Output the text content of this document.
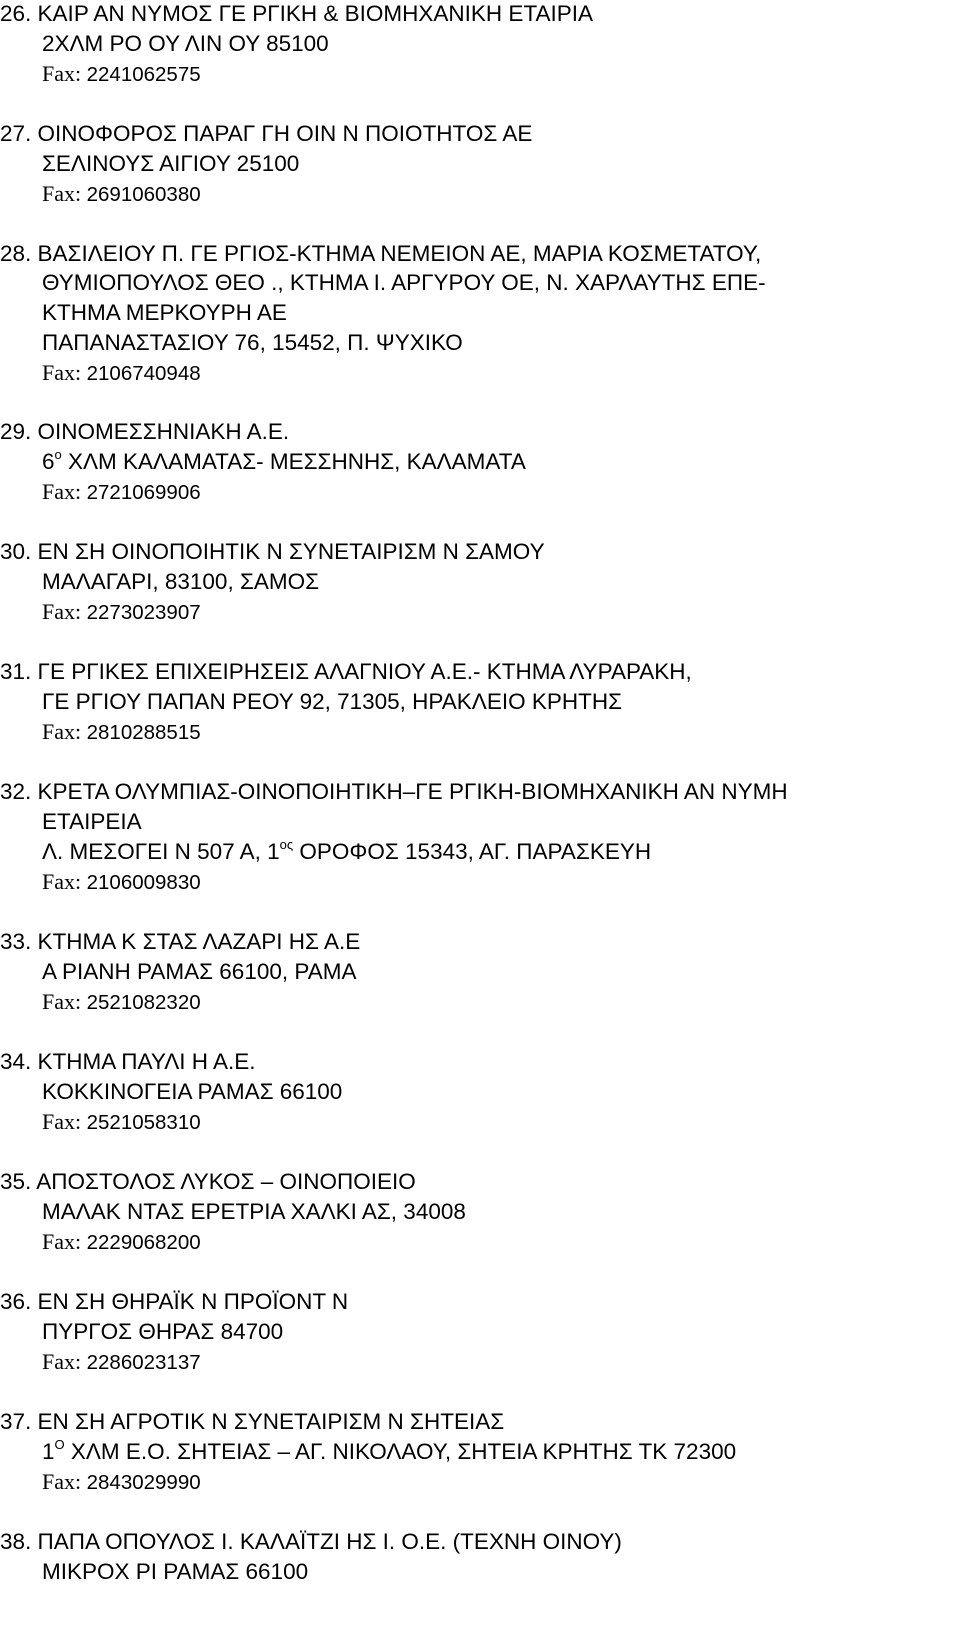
26. ΚΑΙΡ ΑΝ ΝΥΜΟΣ ΓΕ ΡΓΙΚΗ & ΒΙΟΜΗΧΑΝΙΚΗ ΕΤΑΙΡΙΑ
2ΧΛΜ ΡΟ ΟΥ ΛΙΝ ΟΥ 85100
Fax: 2241062575
27. ΟΙΝΟΦΟΡΟΣ ΠΑΡΑΓ ΓΗ ΟΙΝ Ν ΠΟΙΟΤΗΤΟΣ ΑΕ
ΣΕΛΙΝΟΥΣ ΑΙΓΙΟΥ 25100
Fax: 2691060380
28. ΒΑΣΙΛΕΙΟΥ Π. ΓΕ ΡΓΙΟΣ-ΚΤΗΜΑ ΝΕΜΕΙΟΝ ΑΕ, ΜΑΡΙΑ ΚΟΣΜΕΤΑΤΟΥ,
ΘΥΜΙΟΠΟΥΛΟΣ ΘΕΟ ., ΚΤΗΜΑ Ι. ΑΡΓΥΡΟΥ ΟΕ, Ν. ΧΑΡΛΑΥΤΗΣ ΕΠΕ-
ΚΤΗΜΑ ΜΕΡΚΟΥΡΗ ΑΕ
ΠΑΠΑΝΑΣΤΑΣΙΟΥ 76, 15452, Π. ΨΥΧΙΚΟ
Fax: 2106740948
29. ΟΙΝΟΜΕΣΣΗΝΙΑΚΗ Α.Ε.
$6^o$ ΧΛΜ ΚΑΛΑΜΑΤΑΣ- ΜΕΣΣΗΝΗΣ, ΚΑΛΑΜΑΤΑ
Fax: 2721069906
30. ΕΝ ΣΗ ΟΙΝΟΠΟΙΗΤΙΚ Ν ΣΥΝΕΤΑΙΡΙΣΜ Ν ΣΑΜΟΥ
ΜΑΛΑΓΑΡΙ, 83100, ΣΑΜΟΣ
Fax: 2273023907
31. ΓΕ ΡΓΙΚΕΣ ΕΠΙΧΕΙΡΗΣΕΙΣ ΑΛΑΓΝΙΟΥ Α.Ε.- ΚΤΗΜΑ ΛΥΡΑΡΑΚΗ,
ΓΕ ΡΓΙΟΥ ΠΑΠΑΝ ΡΕΟΥ 92, 71305, ΗΡΑΚΛΕΙΟ ΚΡΗΤΗΣ
Fax: 2810288515
32. ΚΡΕΤΑ ΟΛΥΜΠΙΑΣ-ΟΙΝΟΠΟΙΗΤΙΚΗ–ΓΕ ΡΓΙΚΗ-ΒΙΟΜΗΧΑΝΙΚΗ ΑΝ ΝΥΜΗ
ΕΤΑΙΡΕΙΑ
Λ. ΜΕΣΟΓΕΙ Ν 507 Α, $1^{o\varsigma}$ ΟΡΟΦΟΣ 15343, ΑΓ. ΠΑΡΑΣΚΕΥΗ
Fax: 2106009830
33. ΚΤΗΜΑ Κ ΣΤΑΣ ΛΑΖΑΡΙ ΗΣ Α.Ε
Α ΡΙΑΝΗ ΡΑΜΑΣ 66100, ΡΑΜΑ
Fax: 2521082320
34. ΚΤΗΜΑ ΠΑΥΛΙ Η Α.Ε.
ΚΟΚΚΙΝΟΓΕΙΑ ΡΑΜΑΣ 66100
Fax: 2521058310
35. ΑΠΟΣΤΟΛΟΣ ΛΥΚΟΣ – ΟΙΝΟΠΟΙΕΙΟ
ΜΑΛΑΚ ΝΤΑΣ ΕΡΕΤΡΙΑ ΧΑΛΚΙ ΑΣ, 34008
Fax: 2229068200
36. ΕΝ ΣΗ ΘΗΡΑΪΚ Ν ΠΡΟΪΟΝΤ Ν
ΠΥΡΓΟΣ ΘΗΡΑΣ 84700
Fax: 2286023137
37. ΕΝ ΣΗ ΑΓΡΟΤΙΚ Ν ΣΥΝΕΤΑΙΡΙΣΜ Ν ΣΗΤΕΙΑΣ
$1^O$ ΧΛΜ Ε.Ο. ΣΗΤΕΙΑΣ – ΑΓ. ΝΙΚΟΛΑΟΥ, ΣΗΤΕΙΑ ΚΡΗΤΗΣ ΤΚ 72300
Fax: 2843029990
38. ΠΑΠΑ ΟΠΟΥΛΟΣ Ι. ΚΑΛΑΪΤΖΙ ΗΣ Ι. Ο.Ε. (ΤΕΧΝΗ ΟΙΝΟΥ)
ΜΙΚΡΟΧ ΡΙ ΡΑΜΑΣ 66100
